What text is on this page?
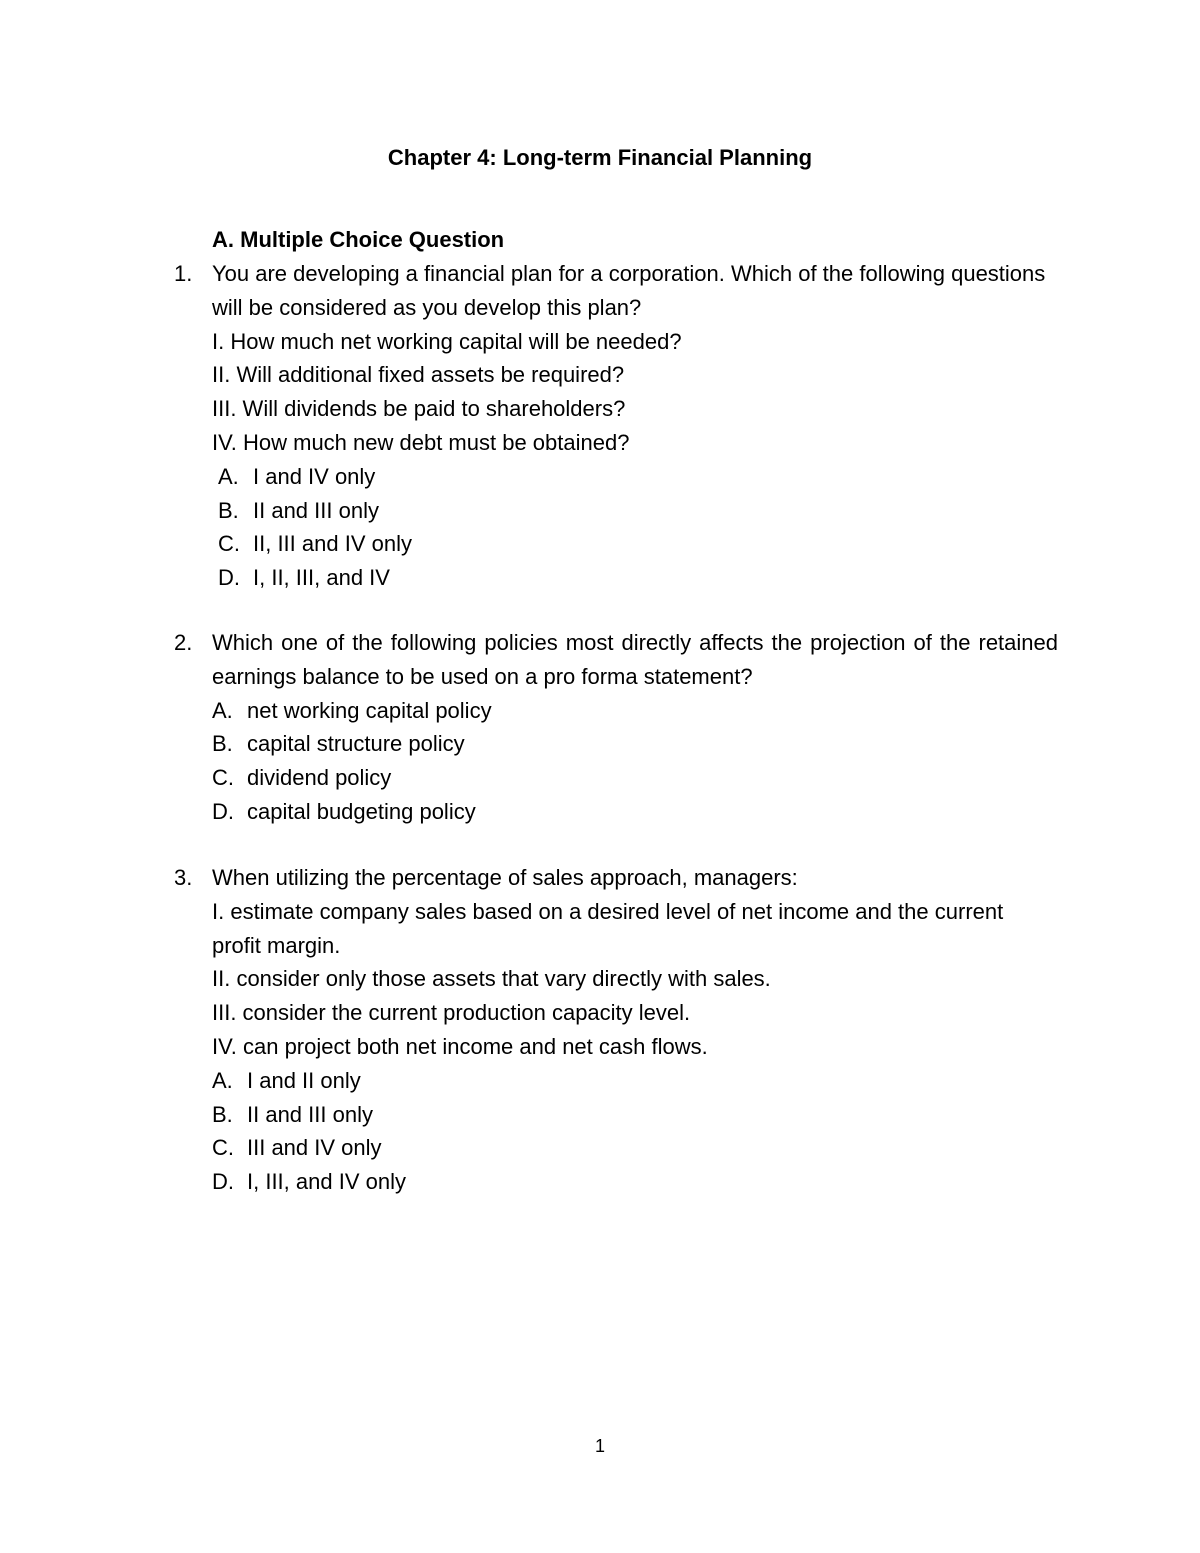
Chapter 4: Long-term Financial Planning
A. Multiple Choice Question
1. You are developing a financial plan for a corporation. Which of the following questions will be considered as you develop this plan?
I. How much net working capital will be needed?
II. Will additional fixed assets be required?
III. Will dividends be paid to shareholders?
IV. How much new debt must be obtained?
A. I and IV only
B. II and III only
C. II, III and IV only
D. I, II, III, and IV
2. Which one of the following policies most directly affects the projection of the retained earnings balance to be used on a pro forma statement?
A. net working capital policy
B. capital structure policy
C. dividend policy
D. capital budgeting policy
3. When utilizing the percentage of sales approach, managers:
I. estimate company sales based on a desired level of net income and the current profit margin.
II. consider only those assets that vary directly with sales.
III. consider the current production capacity level.
IV. can project both net income and net cash flows.
A. I and II only
B. II and III only
C. III and IV only
D. I, III, and IV only
1
